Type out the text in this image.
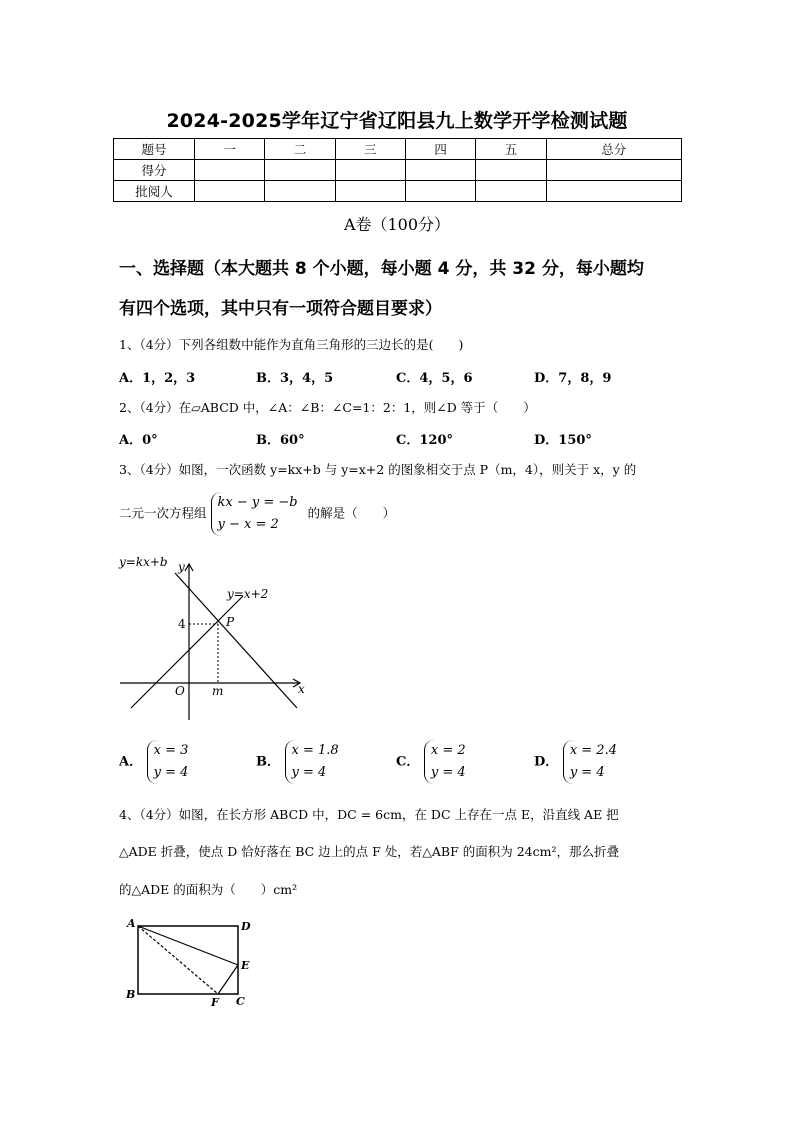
2024-2025学年辽宁省辽阳县九上数学开学检测试题
题号	一	二	三	四	五	总分
得分						
批阅人						
A卷（100分）
一、选择题（本大题共 8 个小题，每小题 4 分，共 32 分，每小题均
有四个选项，其中只有一项符合题目要求）
1、（4分）下列各组数中能作为直角三角形的三边长的是(　　)
A．1，2，3	B．3，4，5	C．4，5，6	D．7，8，9
2、（4分）在▱ABCD 中，∠A：∠B：∠C=1：2：1，则∠D 等于（　　）
A．0°	B．60°	C．120°	D．150°
3、（4分）如图，一次函数 y=kx+b 与 y=x+2 的图象相交于点 P（m，4），则关于 x，y 的
二元一次方程组 kx − y = −b
y − x = 2 的解是（　　）
y=kx+b
y=x+2
y
x
O
4
m
P
A． x = 3
y = 4
B． x = 1.8
y = 4
C． x = 2
y = 4
D． x = 2.4
y = 4
4、（4分）如图，在长方形 ABCD 中，DC = 6cm，在 DC 上存在一点 E，沿直线 AE 把
△ADE 折叠，使点 D 恰好落在 BC 边上的点 F 处，若△ABF 的面积为 24cm²，那么折叠
的△ADE 的面积为（　　）cm²
A	D
B
C
E
F
